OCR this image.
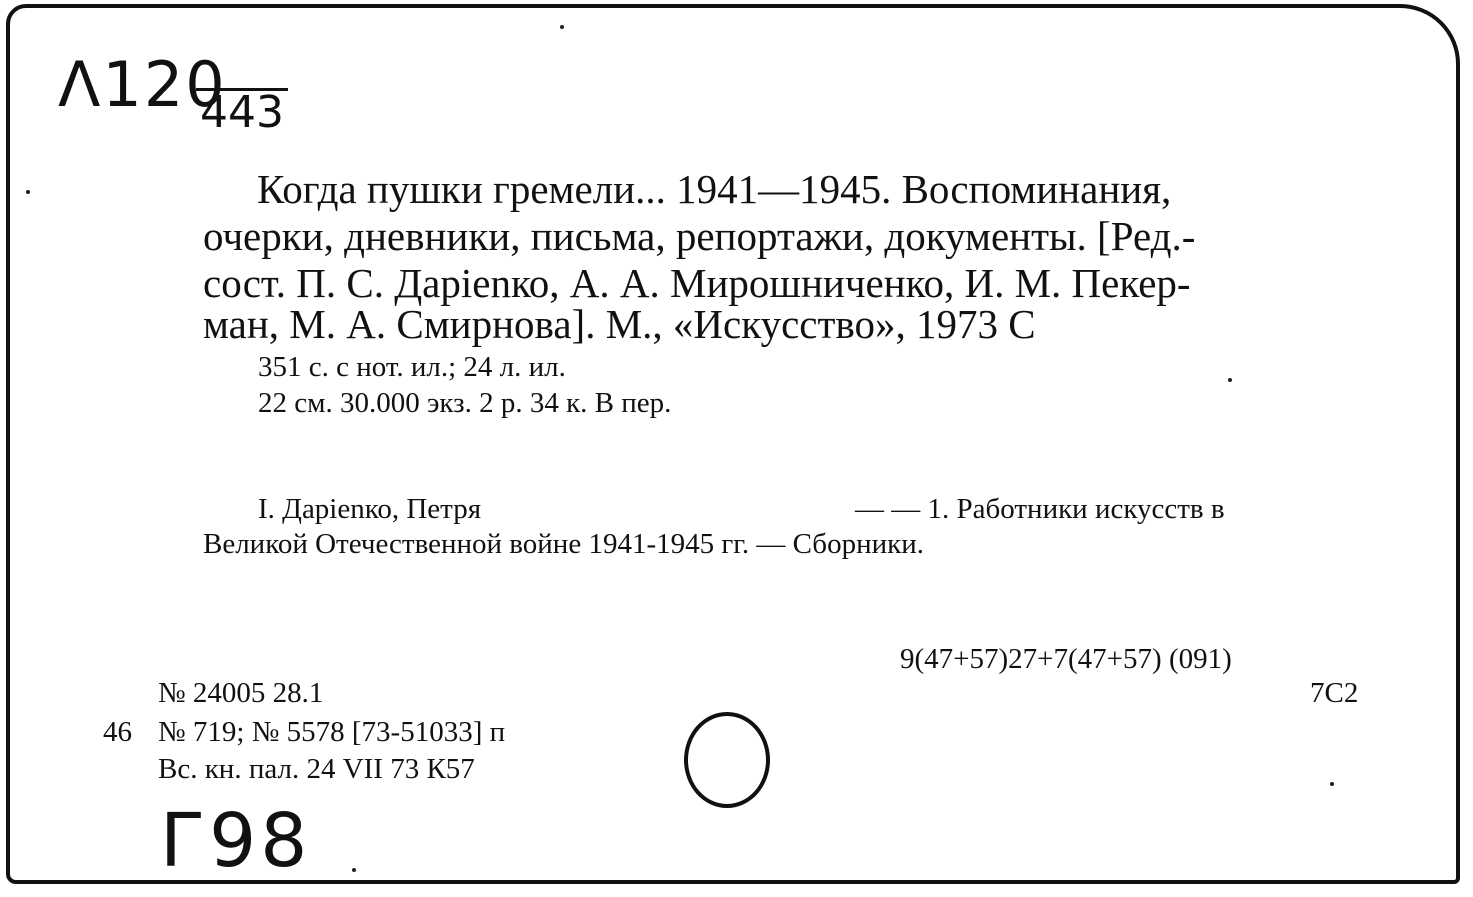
Λ120
443
Когда пушки гремели... 1941—1945. Воспоминания,
очерки, дневники, письма, репортажи, документы. [Ред.-
сост. П. С. Дарienко, А. А. Мирошниченко, И. М. Пекер-
ман, М. А. Смирнова]. М., «Искусство», 1973 С
351 с. с нот. ил.; 24 л. ил.
22 см. 30.000 экз. 2 р. 34 к. В пер.
I. Дарienко, Петря	— — 1. Работники искусств в
Великой Отечественной войне 1941-1945 гг. — Сборники.
9(47+57)27+7(47+57) (091)
7С2
№ 24005 28.1
46 № 719; № 5578 [73-51033] п
Вс. кн. пал. 24 VII 73 К57
Г98
